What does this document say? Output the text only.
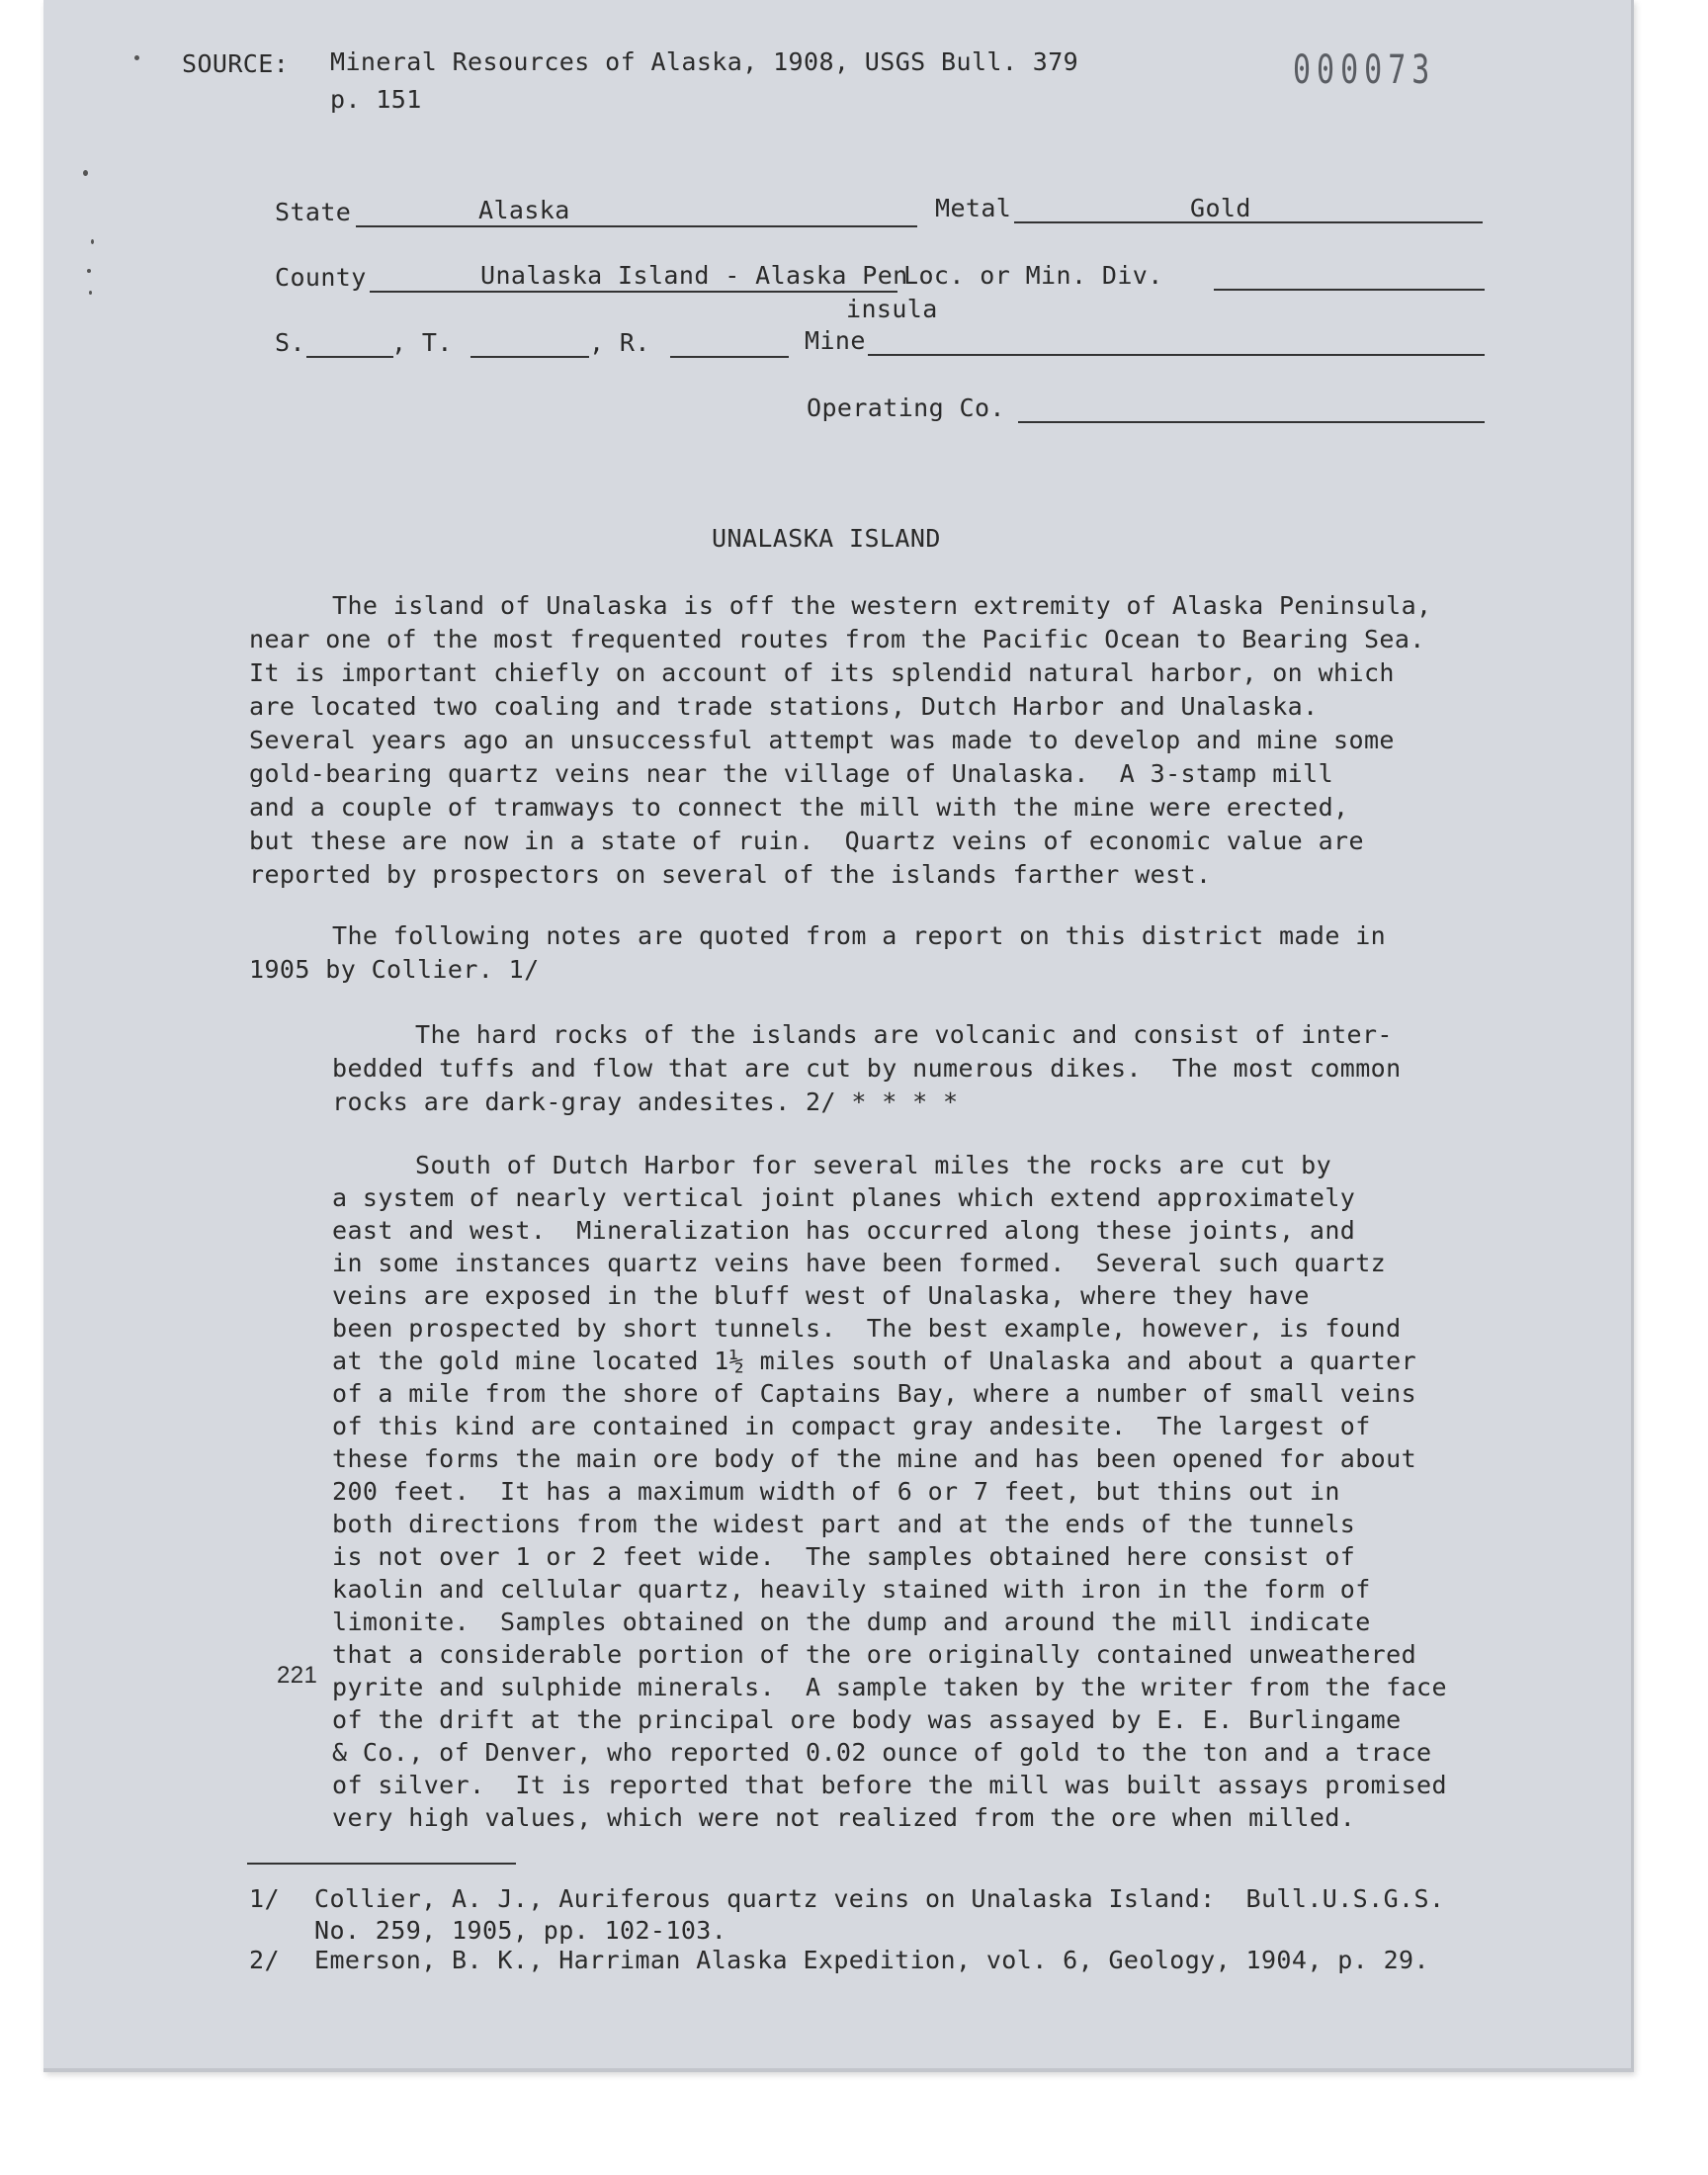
SOURCE: Mineral Resources of Alaska, 1908, USGS Bull. 379
p. 151
000073
State	Alaska	Metal	Gold
County	Unalaska Island - Alaska Pen
insula
Loc. or Min. Div.
S.	, T.	, R.	Mine
Operating Co.
UNALASKA ISLAND
The island of Unalaska is off the western extremity of Alaska Peninsula,
near one of the most frequented routes from the Pacific Ocean to Bearing Sea.
It is important chiefly on account of its splendid natural harbor, on which
are located two coaling and trade stations, Dutch Harbor and Unalaska.
Several years ago an unsuccessful attempt was made to develop and mine some
gold-bearing quartz veins near the village of Unalaska.  A 3-stamp mill
and a couple of tramways to connect the mill with the mine were erected,
but these are now in a state of ruin.  Quartz veins of economic value are
reported by prospectors on several of the islands farther west.
The following notes are quoted from a report on this district made in
1905 by Collier. 1/
The hard rocks of the islands are volcanic and consist of inter-
bedded tuffs and flow that are cut by numerous dikes.  The most common
rocks are dark-gray andesites. 2/ * * * *
South of Dutch Harbor for several miles the rocks are cut by
a system of nearly vertical joint planes which extend approximately
east and west.  Mineralization has occurred along these joints, and
in some instances quartz veins have been formed.  Several such quartz
veins are exposed in the bluff west of Unalaska, where they have
been prospected by short tunnels.  The best example, however, is found
at the gold mine located 1½ miles south of Unalaska and about a quarter
of a mile from the shore of Captains Bay, where a number of small veins
of this kind are contained in compact gray andesite.  The largest of
these forms the main ore body of the mine and has been opened for about
200 feet.  It has a maximum width of 6 or 7 feet, but thins out in
both directions from the widest part and at the ends of the tunnels
is not over 1 or 2 feet wide.  The samples obtained here consist of
kaolin and cellular quartz, heavily stained with iron in the form of
limonite.  Samples obtained on the dump and around the mill indicate
that a considerable portion of the ore originally contained unweathered
pyrite and sulphide minerals.  A sample taken by the writer from the face
of the drift at the principal ore body was assayed by E. E. Burlingame
& Co., of Denver, who reported 0.02 ounce of gold to the ton and a trace
of silver.  It is reported that before the mill was built assays promised
very high values, which were not realized from the ore when milled.
221
1/ Collier, A. J., Auriferous quartz veins on Unalaska Island:  Bull.U.S.G.S.
No. 259, 1905, pp. 102-103.
2/ Emerson, B. K., Harriman Alaska Expedition, vol. 6, Geology, 1904, p. 29.
